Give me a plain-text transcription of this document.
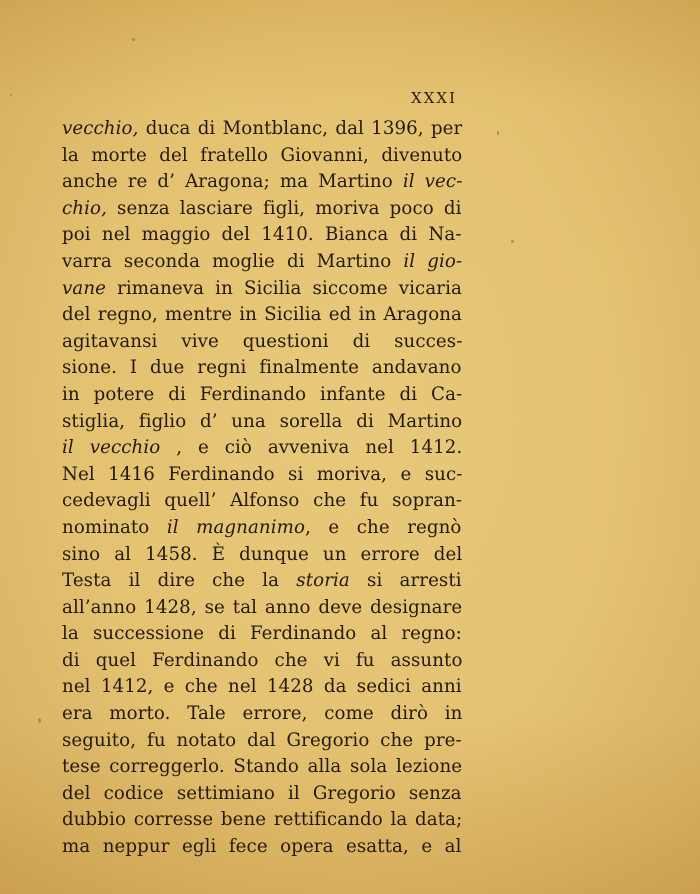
XXXI
vecchio, duca di Montblanc, dal 1396, per
la morte del fratello Giovanni, divenuto
anche re d’ Aragona; ma Martino il vec-
chio, senza lasciare figli, moriva poco di
poi nel maggio del 1410. Bianca di Na-
varra seconda moglie di Martino il gio-
vane rimaneva in Sicilia siccome vicaria
del regno, mentre in Sicilia ed in Aragona
agitavansi vive questioni di succes-
sione. I due regni finalmente andavano
in potere di Ferdinando infante di Ca-
stiglia, figlio d’ una sorella di Martino
il vecchio , e ciò avveniva nel 1412.
Nel 1416 Ferdinando si moriva, e suc-
cedevagli quell’ Alfonso che fu sopran-
nominato il magnanimo, e che regnò
sino al 1458. È dunque un errore del
Testa il dire che la storia si arresti
all’anno 1428, se tal anno deve designare
la successione di Ferdinando al regno:
di quel Ferdinando che vi fu assunto
nel 1412, e che nel 1428 da sedici anni
era morto. Tale errore, come dirò in
seguito, fu notato dal Gregorio che pre-
tese correggerlo. Stando alla sola lezione
del codice settimiano il Gregorio senza
dubbio corresse bene rettificando la data;
ma neppur egli fece opera esatta, e al
